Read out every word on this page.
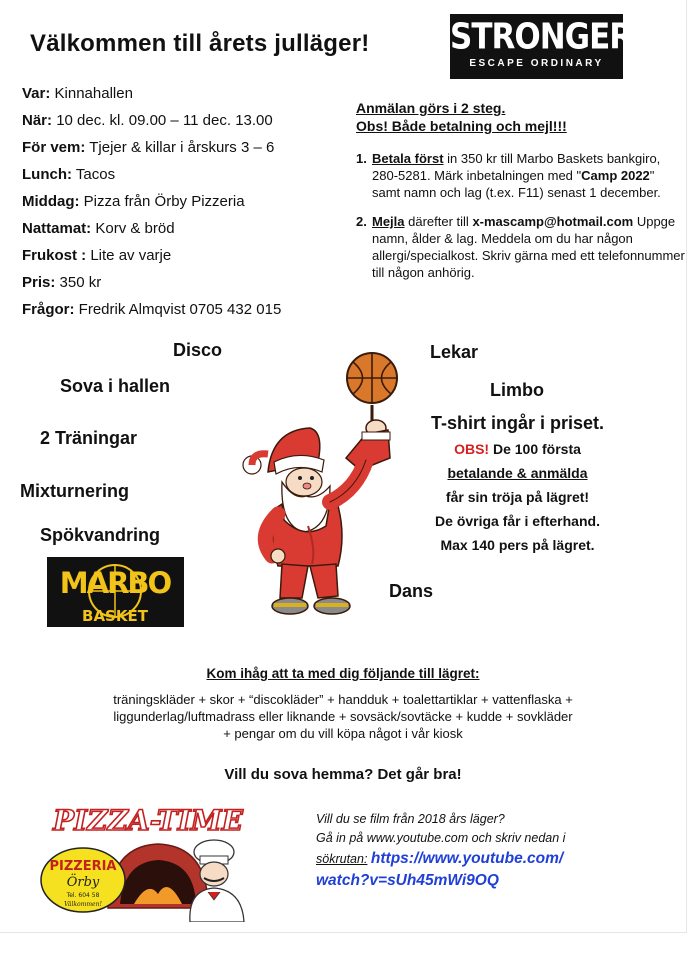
Välkommen till årets julläger!
Var: Kinnahallen
När: 10 dec. kl. 09.00 – 11 dec. 13.00
För vem: Tjejer & killar i årskurs 3 – 6
Lunch: Tacos
Middag: Pizza från Örby Pizzeria
Nattamat: Korv & bröd
Frukost : Lite av varje
Pris: 350 kr
Frågor: Fredrik Almqvist 0705 432 015
STRONGER
ESCAPE ORDINARY
Anmälan görs i 2 steg.
Obs! Både betalning och mejl!!!
1. Betala först in 350 kr till Marbo Baskets bankgiro, 280-5281. Märk inbetalningen med "Camp 2022" samt namn och lag (t.ex. F11) senast 1 december.
2. Mejla därefter till x-mascamp@hotmail.com Uppge namn, ålder & lag. Meddela om du har någon allergi/specialkost. Skriv gärna med ett telefonnummer till någon anhörig.
Disco
Sova i hallen
2 Träningar
Mixturnering
Spökvandring
Lekar
Limbo
Dans
T-shirt ingår i priset.
OBS! De 100 första
betalande & anmälda
får sin tröja på lägret!
De övriga får i efterhand.
Max 140 pers på lägret.
MARBO
BASKET
Kom ihåg att ta med dig följande till lägret:
träningskläder + skor + “discokläder” + handduk + toalettartiklar + vattenflaska +
liggunderlag/luftmadrass eller liknande + sovsäck/sovtäcke + kudde + sovkläder
+ pengar om du vill köpa något i vår kiosk
Vill du sova hemma? Det går bra!
PIZZA-TIME
PIZZERIA
Örby
Tel. 604 58
Välkommen!
Vill du se film från 2018 års läger?
Gå in på www.youtube.com och skriv nedan i
sökrutan: https://www.youtube.com/
watch?v=sUh45mWi9OQ
